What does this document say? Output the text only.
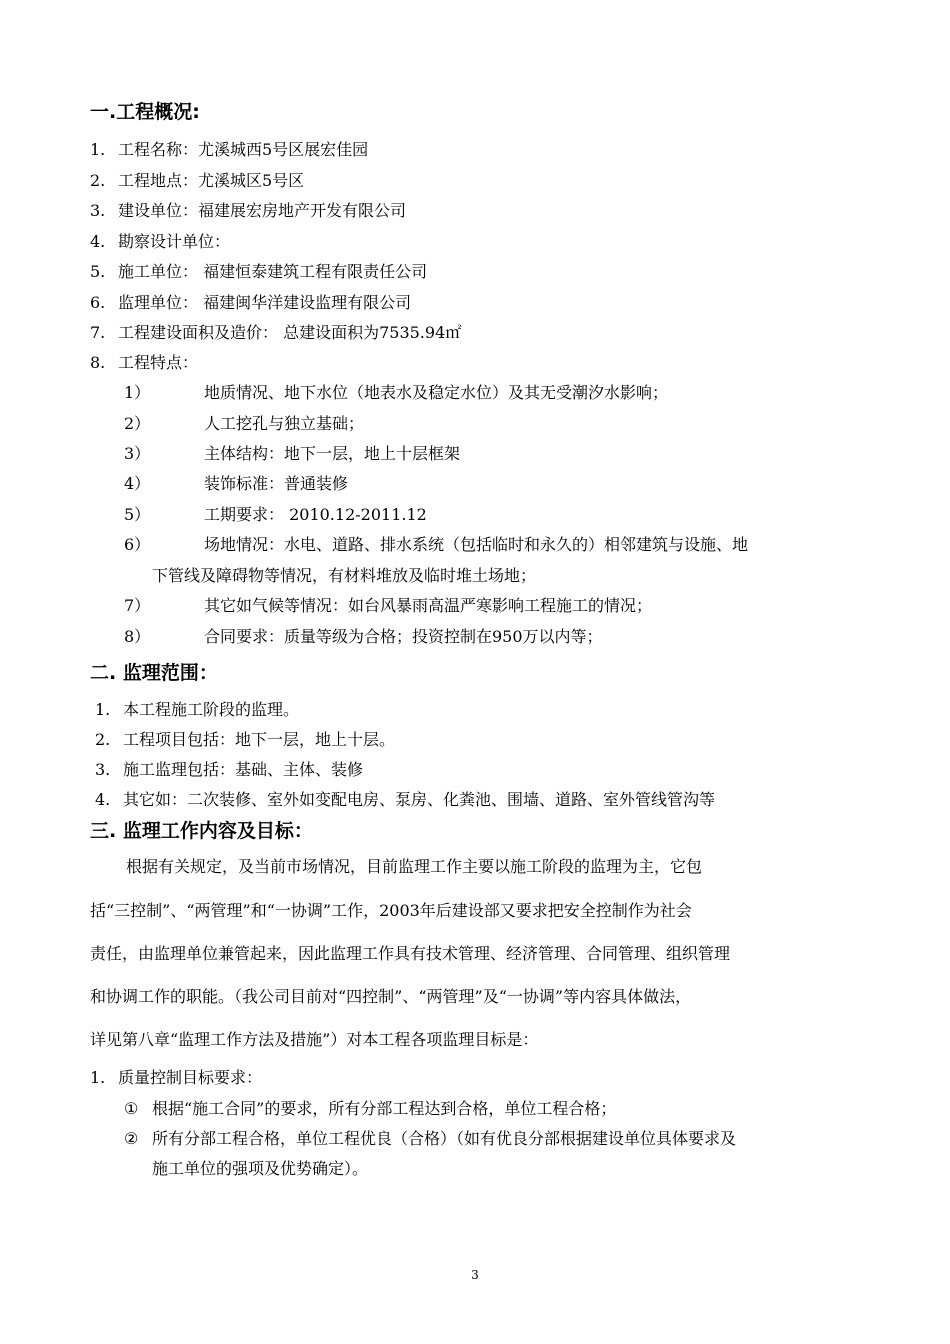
一.工程概况:
1. 工程名称：尤溪城西5号区展宏佳园
2. 工程地点：尤溪城区5号区
3. 建设单位：福建展宏房地产开发有限公司
4. 勘察设计单位：
5. 施工单位： 福建恒泰建筑工程有限责任公司
6. 监理单位： 福建闽华洋建设监理有限公司
7. 工程建设面积及造价： 总建设面积为7535.94㎡
8. 工程特点：
1）	地质情况、地下水位（地表水及稳定水位）及其无受潮汐水影响；
2）	人工挖孔与独立基础；
3）	主体结构：地下一层，地上十层框架
4）	装饰标准：普通装修
5）	工期要求： 2010.12-2011.12
6）	场地情况：水电、道路、排水系统（包括临时和永久的）相邻建筑与设施、地
下管线及障碍物等情况，有材料堆放及临时堆土场地；
7）	其它如气候等情况：如台风暴雨高温严寒影响工程施工的情况；
8）	合同要求：质量等级为合格；投资控制在950万以内等；
二. 监理范围：
1. 本工程施工阶段的监理。
2. 工程项目包括：地下一层，地上十层。
3. 施工监理包括：基础、主体、装修
4. 其它如：二次装修、室外如变配电房、泵房、化粪池、围墙、道路、室外管线管沟等
三. 监理工作内容及目标：
根据有关规定，及当前市场情况，目前监理工作主要以施工阶段的监理为主，它包
括“三控制”、“两管理”和“一协调”工作，2003年后建设部又要求把安全控制作为社会
责任，由监理单位兼管起来，因此监理工作具有技术管理、经济管理、合同管理、组织管理
和协调工作的职能。（我公司目前对“四控制”、“两管理”及“一协调”等内容具体做法，
详见第八章“监理工作方法及措施”）对本工程各项监理目标是：
1. 质量控制目标要求：
① 根据“施工合同”的要求，所有分部工程达到合格，单位工程合格；
② 所有分部工程合格，单位工程优良（合格）（如有优良分部根据建设单位具体要求及
施工单位的强项及优势确定）。
3
